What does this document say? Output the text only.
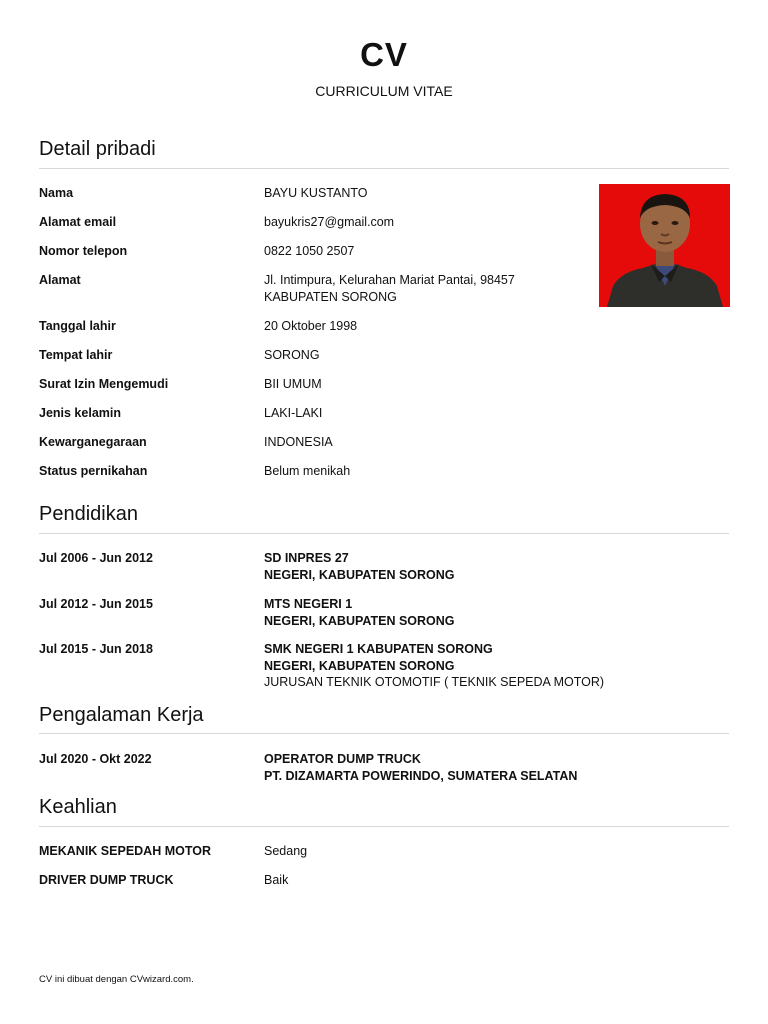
CV
CURRICULUM VITAE
Detail pribadi
Nama	BAYU KUSTANTO
Alamat email	bayukris27@gmail.com
Nomor telepon	0822 1050 2507
Alamat	Jl. Intimpura, Kelurahan Mariat Pantai, 98457
KABUPATEN SORONG
Tanggal lahir	20 Oktober 1998
Tempat lahir	SORONG
Surat Izin Mengemudi	BII UMUM
Jenis kelamin	LAKI-LAKI
Kewarganegaraan	INDONESIA
Status pernikahan	Belum menikah
Pendidikan
Jul 2006 - Jun 2012	SD INPRES 27
NEGERI, KABUPATEN SORONG
Jul 2012 - Jun 2015	MTS NEGERI 1
NEGERI, KABUPATEN SORONG
Jul 2015 - Jun 2018	SMK NEGERI 1 KABUPATEN SORONG
NEGERI, KABUPATEN SORONG
JURUSAN TEKNIK OTOMOTIF ( TEKNIK SEPEDA MOTOR)
Pengalaman Kerja
Jul 2020 - Okt 2022	OPERATOR DUMP TRUCK
PT. DIZAMARTA POWERINDO, SUMATERA SELATAN
Keahlian
MEKANIK SEPEDAH MOTOR	Sedang
DRIVER DUMP TRUCK	Baik
CV ini dibuat dengan CVwizard.com.
